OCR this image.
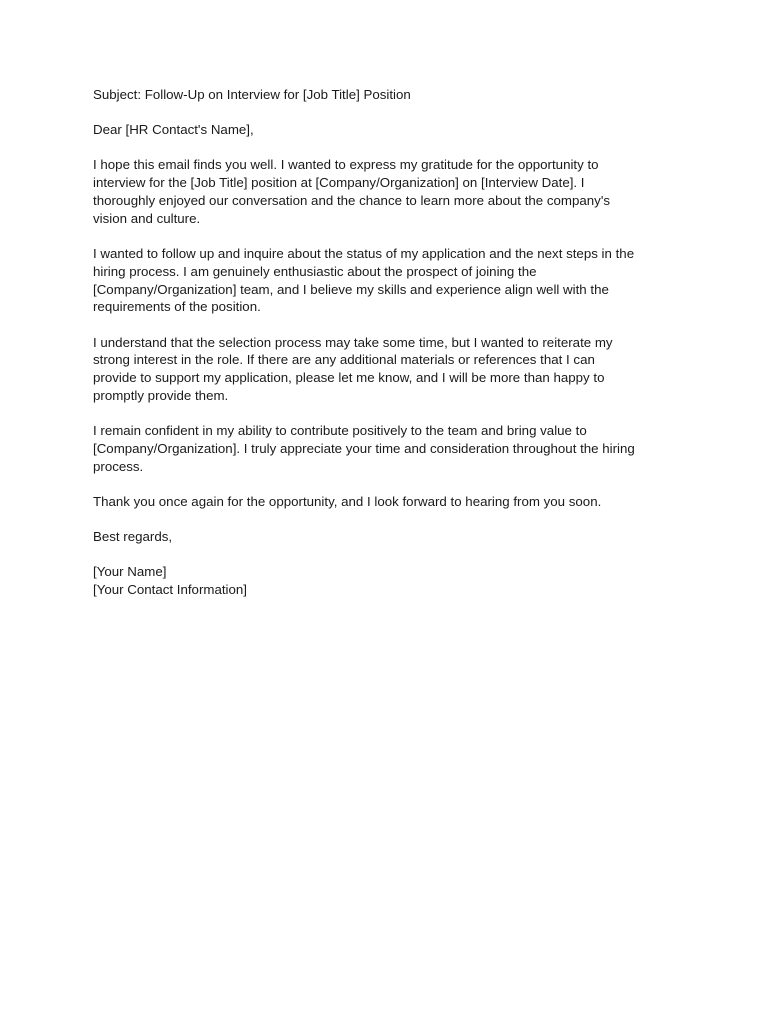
Subject: Follow-Up on Interview for [Job Title] Position
Dear [HR Contact's Name],
I hope this email finds you well. I wanted to express my gratitude for the opportunity to
interview for the [Job Title] position at [Company/Organization] on [Interview Date]. I
thoroughly enjoyed our conversation and the chance to learn more about the company's
vision and culture.
I wanted to follow up and inquire about the status of my application and the next steps in the
hiring process. I am genuinely enthusiastic about the prospect of joining the
[Company/Organization] team, and I believe my skills and experience align well with the
requirements of the position.
I understand that the selection process may take some time, but I wanted to reiterate my
strong interest in the role. If there are any additional materials or references that I can
provide to support my application, please let me know, and I will be more than happy to
promptly provide them.
I remain confident in my ability to contribute positively to the team and bring value to
[Company/Organization]. I truly appreciate your time and consideration throughout the hiring
process.
Thank you once again for the opportunity, and I look forward to hearing from you soon.
Best regards,
[Your Name]
[Your Contact Information]
